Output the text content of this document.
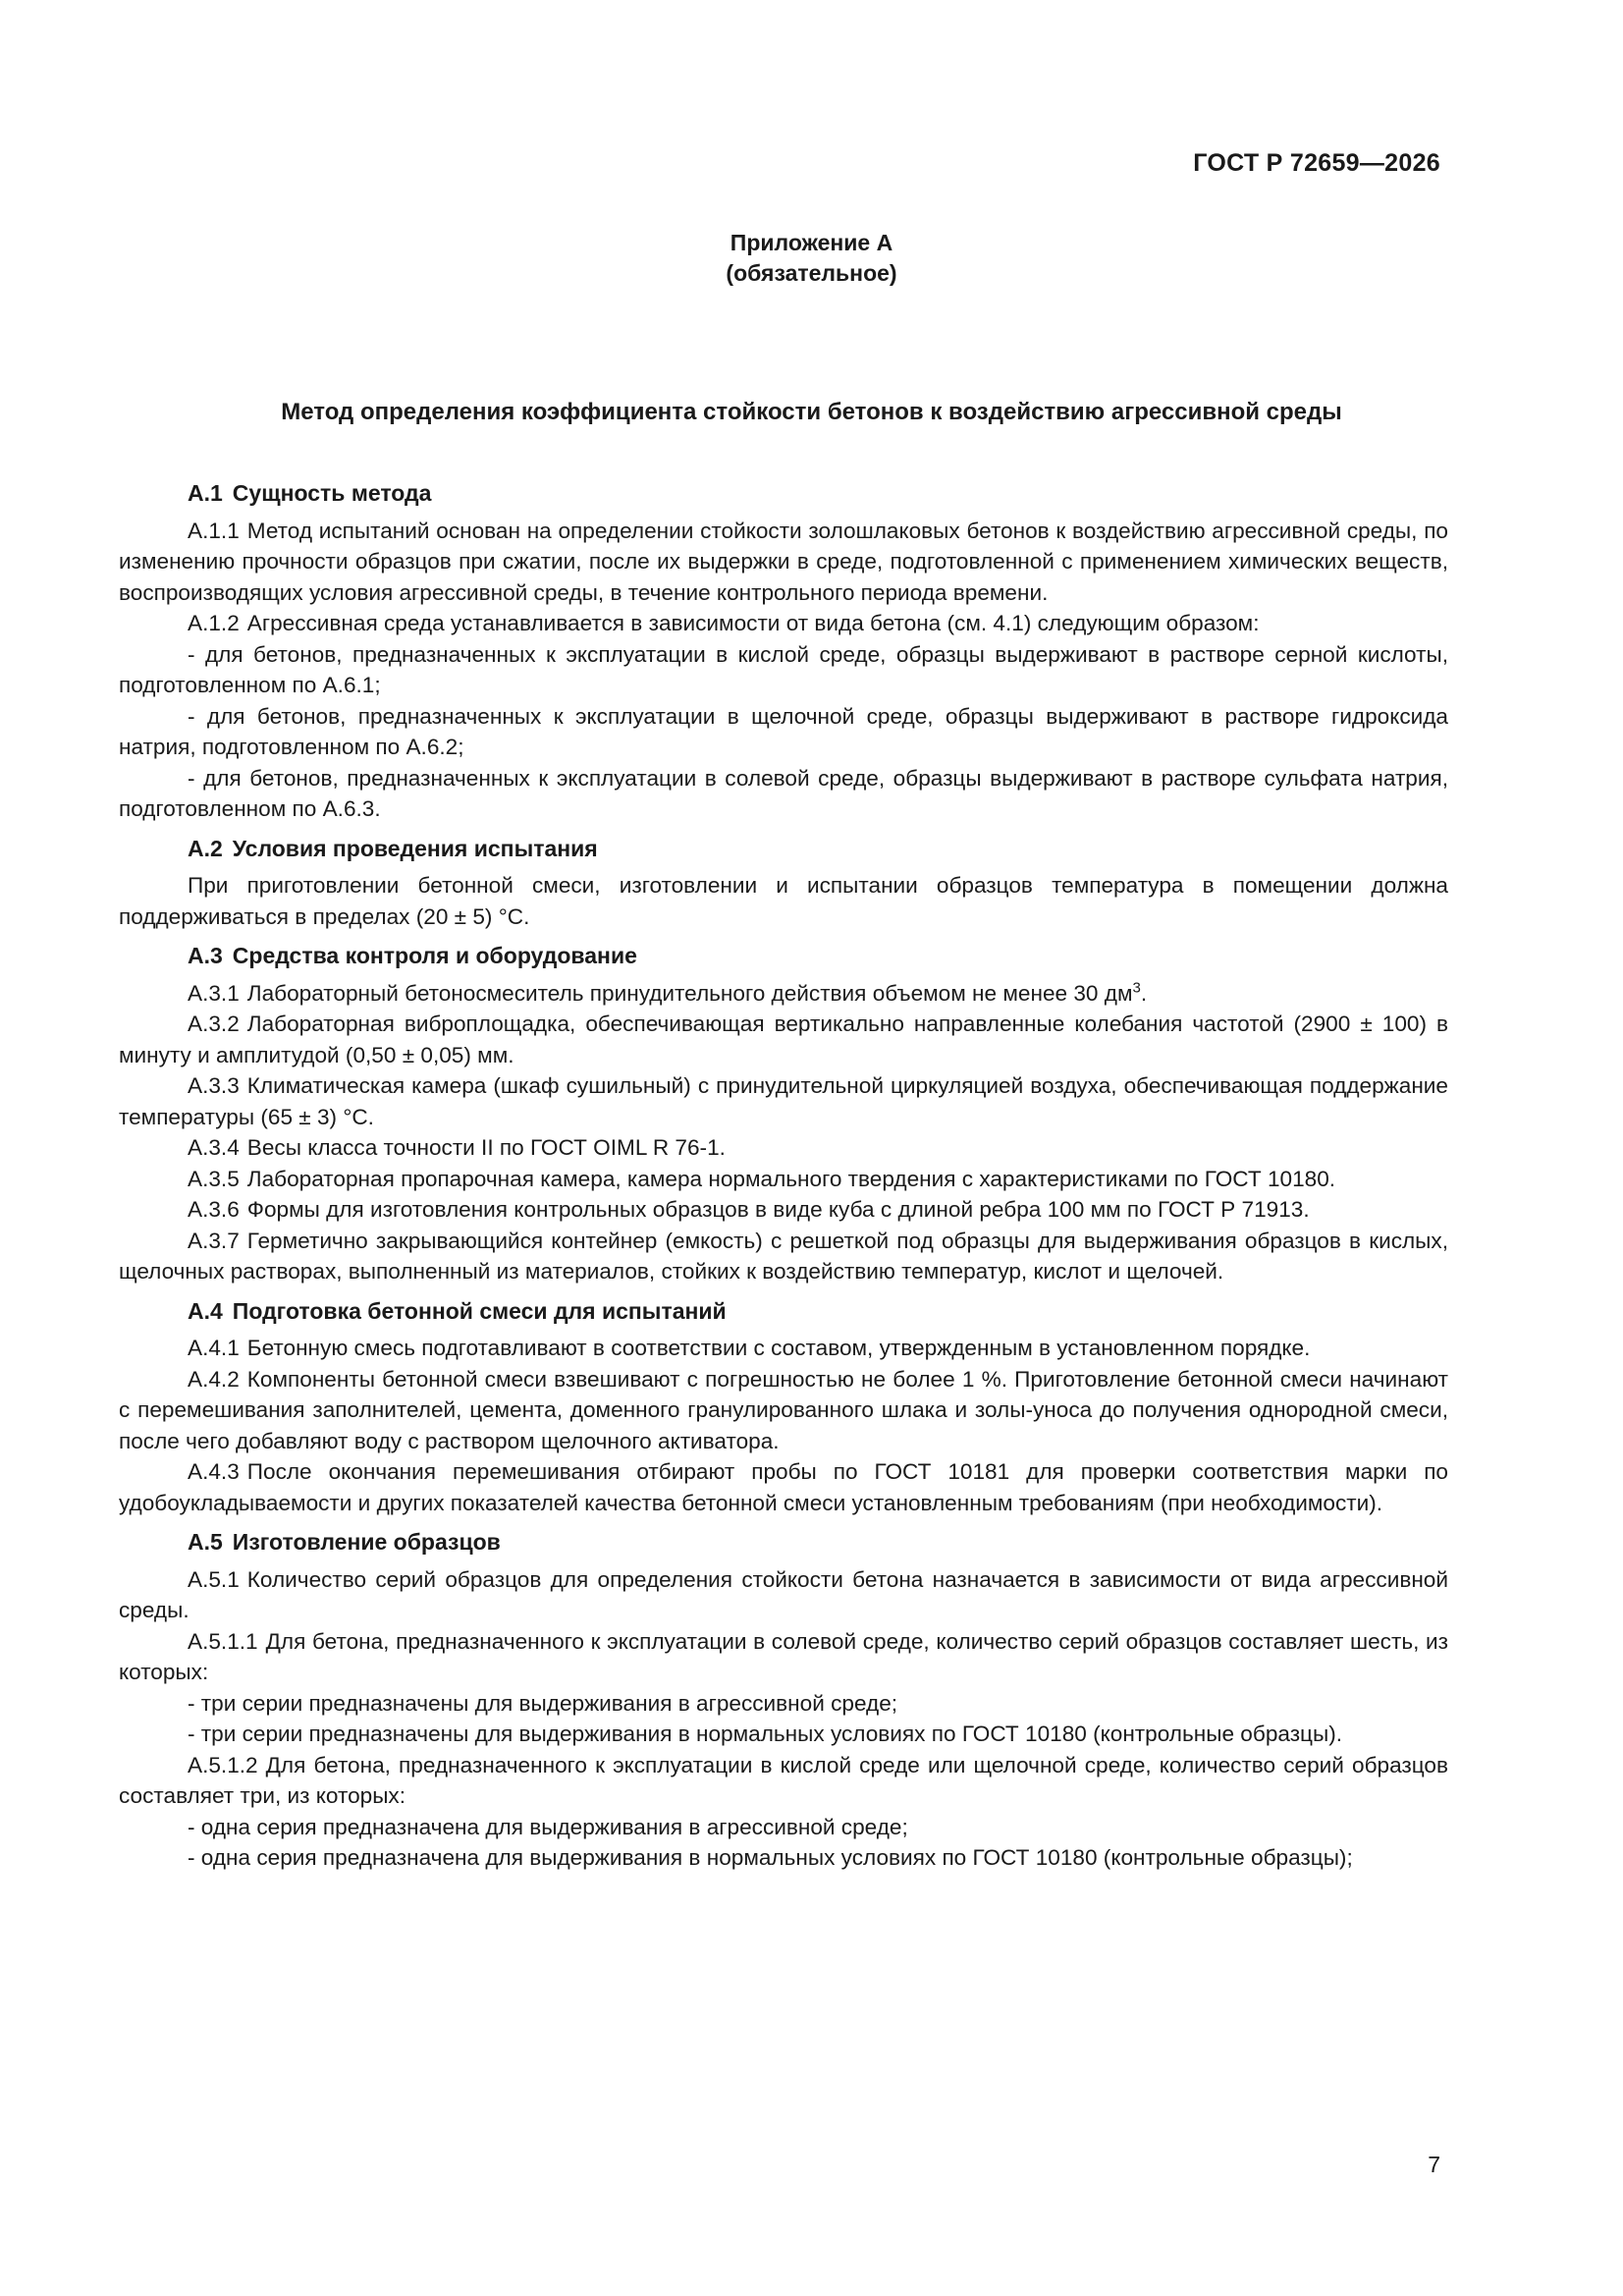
ГОСТ Р 72659—2026
Приложение А
(обязательное)
Метод определения коэффициента стойкости бетонов к воздействию агрессивной среды
А.1 Сущность метода

А.1.1 Метод испытаний основан на определении стойкости золошлаковых бетонов к воздействию агрессивной среды, по изменению прочности образцов при сжатии, после их выдержки в среде, подготовленной с применением химических веществ, воспроизводящих условия агрессивной среды, в течение контрольного периода времени.

А.1.2 Агрессивная среда устанавливается в зависимости от вида бетона (см. 4.1) следующим образом:

- для бетонов, предназначенных к эксплуатации в кислой среде, образцы выдерживают в растворе серной кислоты, подготовленном по А.6.1;

- для бетонов, предназначенных к эксплуатации в щелочной среде, образцы выдерживают в растворе гидроксида натрия, подготовленном по А.6.2;

- для бетонов, предназначенных к эксплуатации в солевой среде, образцы выдерживают в растворе сульфата натрия, подготовленном по А.6.3.

А.2 Условия проведения испытания

При приготовлении бетонной смеси, изготовлении и испытании образцов температура в помещении должна поддерживаться в пределах (20 ± 5) °С.

А.3 Средства контроля и оборудование

А.3.1 Лабораторный бетоносмеситель принудительного действия объемом не менее 30 $дм^3$.

А.3.2 Лабораторная виброплощадка, обеспечивающая вертикально направленные колебания частотой (2900 ± 100) в минуту и амплитудой (0,50 ± 0,05) мм.

А.3.3 Климатическая камера (шкаф сушильный) с принудительной циркуляцией воздуха, обеспечивающая поддержание температуры (65 ± 3) °С.

А.3.4 Весы класса точности II по ГОСТ OIML R 76-1.

А.3.5 Лабораторная пропарочная камера, камера нормального твердения с характеристиками по ГОСТ 10180.

А.3.6 Формы для изготовления контрольных образцов в виде куба с длиной ребра 100 мм по ГОСТ Р 71913.

А.3.7 Герметично закрывающийся контейнер (емкость) с решеткой под образцы для выдерживания образцов в кислых, щелочных растворах, выполненный из материалов, стойких к воздействию температур, кислот и щелочей.

А.4 Подготовка бетонной смеси для испытаний

А.4.1 Бетонную смесь подготавливают в соответствии с составом, утвержденным в установленном порядке.

А.4.2 Компоненты бетонной смеси взвешивают с погрешностью не более 1 %. Приготовление бетонной смеси начинают с перемешивания заполнителей, цемента, доменного гранулированного шлака и золы-уноса до получения однородной смеси, после чего добавляют воду с раствором щелочного активатора.

А.4.3 После окончания перемешивания отбирают пробы по ГОСТ 10181 для проверки соответствия марки по удобоукладываемости и других показателей качества бетонной смеси установленным требованиям (при необходимости).

А.5 Изготовление образцов

А.5.1 Количество серий образцов для определения стойкости бетона назначается в зависимости от вида агрессивной среды.

А.5.1.1 Для бетона, предназначенного к эксплуатации в солевой среде, количество серий образцов составляет шесть, из которых:

- три серии предназначены для выдерживания в агрессивной среде;

- три серии предназначены для выдерживания в нормальных условиях по ГОСТ 10180 (контрольные образцы).

А.5.1.2 Для бетона, предназначенного к эксплуатации в кислой среде или щелочной среде, количество серий образцов составляет три, из которых:

- одна серия предназначена для выдерживания в агрессивной среде;

- одна серия предназначена для выдерживания в нормальных условиях по ГОСТ 10180 (контрольные образцы);

7
